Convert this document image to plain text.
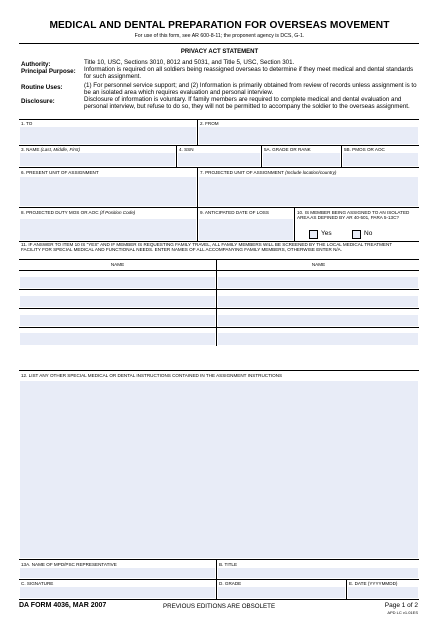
MEDICAL AND DENTAL PREPARATION FOR OVERSEAS MOVEMENT
For use of this form, see AR 600-8-11; the proponent agency is DCS, G-1.
PRIVACY ACT STATEMENT
Authority:	Title 10, USC, Sections 3010, 8012 and 5031, and Title 5, USC, Section 301.
Principal Purpose: Information is required on all soldiers being reassigned overseas to determine if they meet medical and dental standards for such assignment.
Routine Uses:	(1) For personnel service support; and (2) Information is primarily obtained from review of records unless assignment is to be an isolated area which requires evaluation and personal interview.
Disclosure:	Disclosure of information is voluntary. If family members are required to complete medical and dental evaluation and personal interview, but refuse to do so, they will not be permitted to accompany the soldier to the overseas assignment.
1. TO	2. FROM
3. NAME (Last, Middle, First)	4. SSN	5A. GRADE OR RANK	5B. PMOS OR AOC
6. PRESENT UNIT OF ASSIGNMENT	7. PROJECTED UNIT OF ASSIGNMENT (Include location/country)
8. PROJECTED DUTY MOS OR AOC (If Position Code)	9. ANTICIPATED DATE OF LOSS	10. IS MEMBER BEING ASSIGNED TO AN ISOLATED AREA AS DEFINED BY AR 40-501, PARA 5-13C?
Yes	No
11. IF ANSWER TO ITEM 10 IS "YES" AND IF MEMBER IS REQUESTING FAMILY TRAVEL, ALL FAMILY MEMBERS WILL BE SCREENED BY THE LOCAL MEDICAL TREATMENT FACILITY FOR SPECIAL MEDICAL AND FUNCTIONAL NEEDS. ENTER NAMES OF ALL ACCOMPANYING FAMILY MEMBERS, OTHERWISE ENTER N/A.
NAME	NAME
12. LIST ANY OTHER SPECIAL MEDICAL OR DENTAL INSTRUCTIONS CONTAINED IN THE ASSIGNMENT INSTRUCTIONS
13A. NAME OF MPD/PSC REPRESENTATIVE	B. TITLE
C. SIGNATURE	D. GRADE	E. DATE (YYYYMMDD)
DA FORM 4036, MAR 2007	PREVIOUS EDITIONS ARE OBSOLETE	Page 1 of 2
APD LC v1.01ES
